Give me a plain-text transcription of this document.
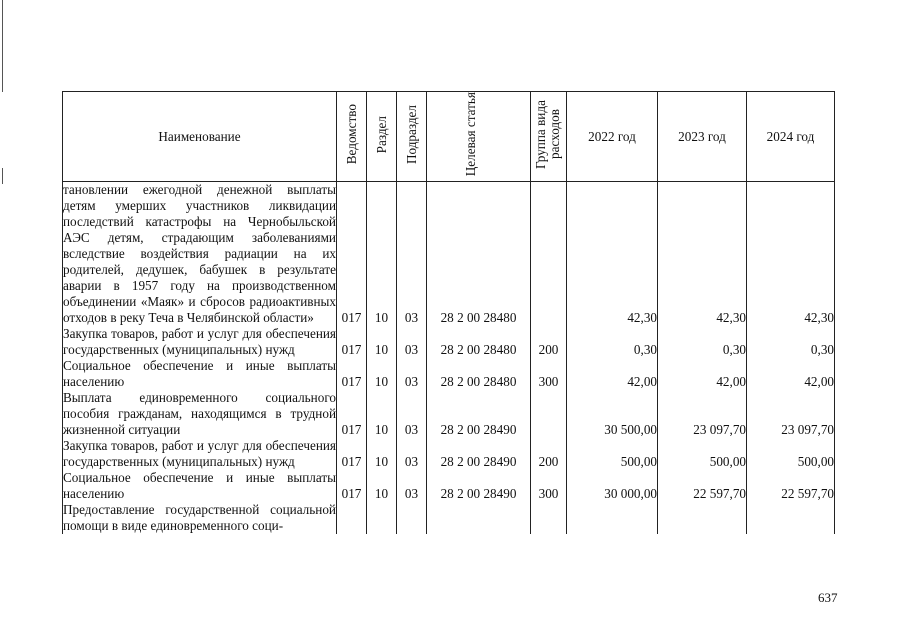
Наименование	Ведомство	Раздел	Подраздел	Целевая статья	Группа вида расходов	2022 год	2023 год	2024 год
тановлении ежегодной денежной выплаты детям умерших участников ликвидации последствий катастрофы на Чернобыльской АЭС детям, страдающим заболеваниями вследствие воздействия радиации на их родителей, дедушек, бабушек в результате аварии в 1957 году на производственном объединении «Маяк» и сбросов радиоактивных отходов в реку Теча в Челябинской области»	017	10	03	28 2 00 28480		42,30	42,30	42,30
Закупка товаров, работ и услуг для обеспечения государственных (муниципальных) нужд	017	10	03	28 2 00 28480	200	0,30	0,30	0,30
Социальное обеспечение и иные выплаты населению	017	10	03	28 2 00 28480	300	42,00	42,00	42,00
Выплата единовременного социального пособия гражданам, находящимся в трудной жизненной ситуации	017	10	03	28 2 00 28490		30 500,00	23 097,70	23 097,70
Закупка товаров, работ и услуг для обеспечения государственных (муниципальных) нужд	017	10	03	28 2 00 28490	200	500,00	500,00	500,00
Социальное обеспечение и иные выплаты населению	017	10	03	28 2 00 28490	300	30 000,00	22 597,70	22 597,70
Предоставление государственной социальной помощи в виде единовременного соци-								
637
